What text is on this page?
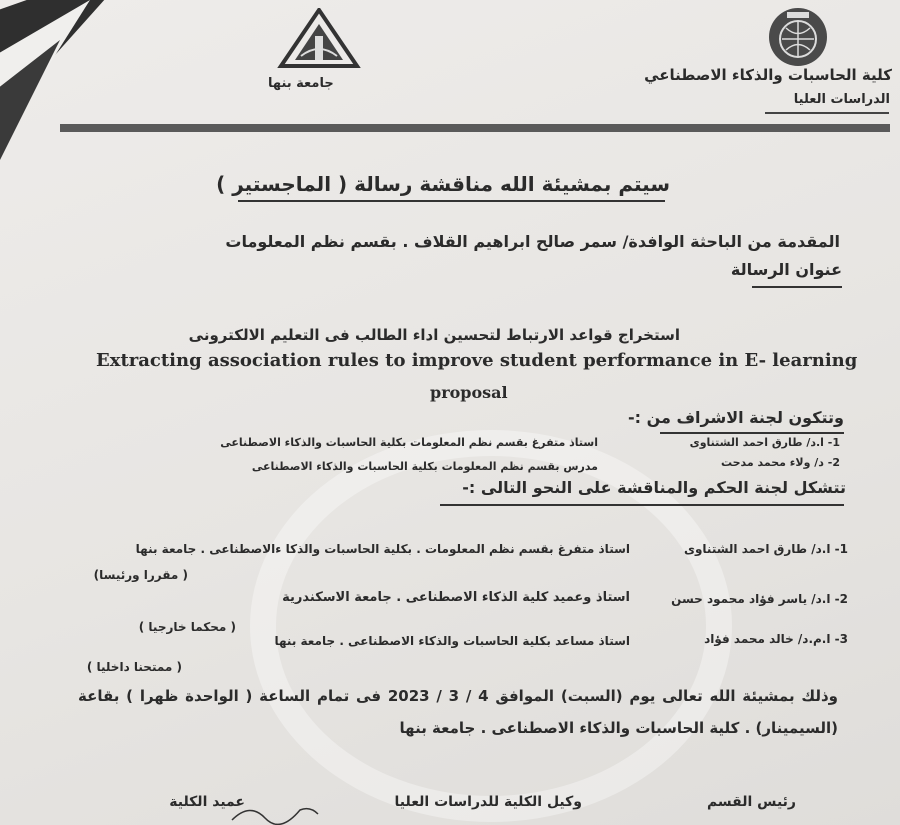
كلية الحاسبات والذكاء الاصطناعي
الدراسات العليا
جامعة بنها
سيتم بمشيئة الله مناقشة رسالة ( الماجستير )
المقدمة من الباحثة الوافدة/ سمر صالح ابراهيم القلاف . بقسم نظم المعلومات
عنوان الرسالة
استخراج قواعد الارتباط لتحسين اداء الطالب فى التعليم الالكترونى
Extracting association rules to improve student performance in E- learning
proposal
وتتكون لجنة الاشراف من :-
1- ا.د/ طارق احمد الشتناوى
استاذ متفرغ بقسم نظم المعلومات بكلية الحاسبات والذكاء الاصطناعى
2- د/ ولاء محمد مدحت
مدرس بقسم نظم المعلومات بكلية الحاسبات والذكاء الاصطناعى
تتشكل لجنة الحكم والمناقشة على النحو التالى :-
1- ا.د/ طارق احمد الشتناوى
استاذ متفرغ بقسم نظم المعلومات . بكلية الحاسبات والذكا ءالاصطناعى . جامعة بنها
( مقررا ورئيسا)
2- ا.د/ ياسر فؤاد محمود حسن
استاذ وعميد كلية الذكاء الاصطناعى . جامعة الاسكندرية
( محكما خارجيا )
3- ا.م.د/ خالد محمد فؤاد
استاذ مساعد بكلية الحاسبات والذكاء الاصطناعى . جامعة بنها
( ممتحنا داخليا )
وذلك بمشيئة الله تعالى يوم (السبت) الموافق 4 / 3 / 2023 فى تمام الساعة ( الواحدة ظهرا ) بقاعة (السيمينار) . كلية الحاسبات والذكاء الاصطناعى . جامعة بنها
رئيس القسم
وكيل الكلية للدراسات العليا
عميد الكلية
